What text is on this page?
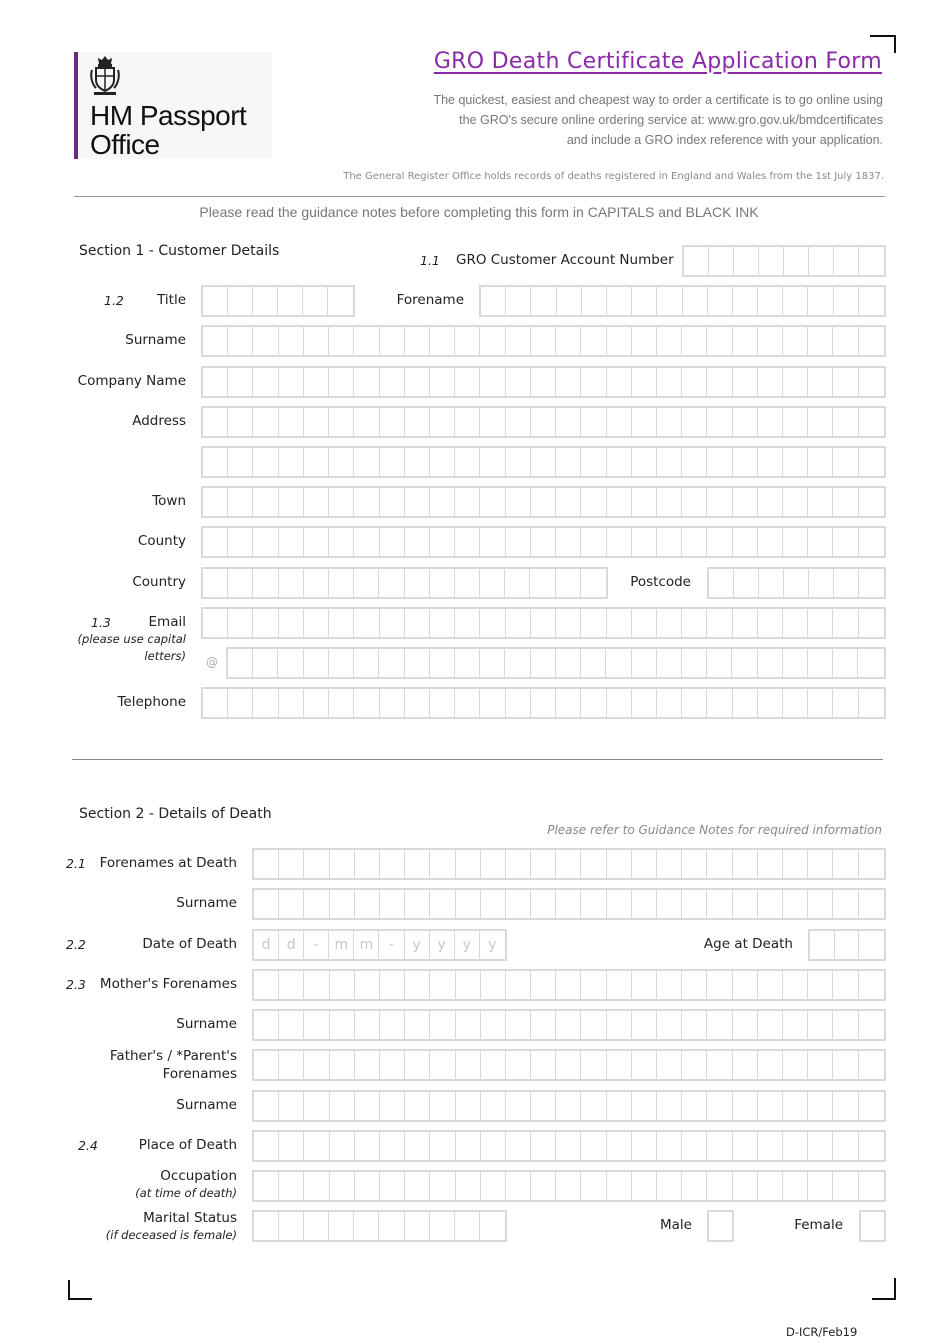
HM Passport
Office
GRO Death Certificate Application Form
The quickest, easiest and cheapest way to order a certificate is to go online using
the GRO's secure online ordering service at: www.gro.gov.uk/bmdcertificates
and include a GRO index reference with your application.
The General Register Office holds records of deaths registered in England and Wales from the 1st July 1837.
Please read the guidance notes before completing this form in CAPITALS and BLACK INK
Section 1 - Customer Details
1.1 GRO Customer Account Number
1.2 Title	Forename
Surname
Company Name
Address
Town
County
Country	Postcode
1.3	Email
(please use capital
letters) @
Telephone
Section 2 - Details of Death
Please refer to Guidance Notes for required information
2.1 Forenames at Death
Surname
2.2	Date of Death	d	d	-	m m	-	y	y	y	y	Age at Death
2.3 Mother's Forenames
Surname
Father's / *Parent's
Forenames
Surname
2.4	Place of Death
Occupation
(at time of death)
Marital Status
(if deceased is female)
Male	Female
D-ICR/Feb19
